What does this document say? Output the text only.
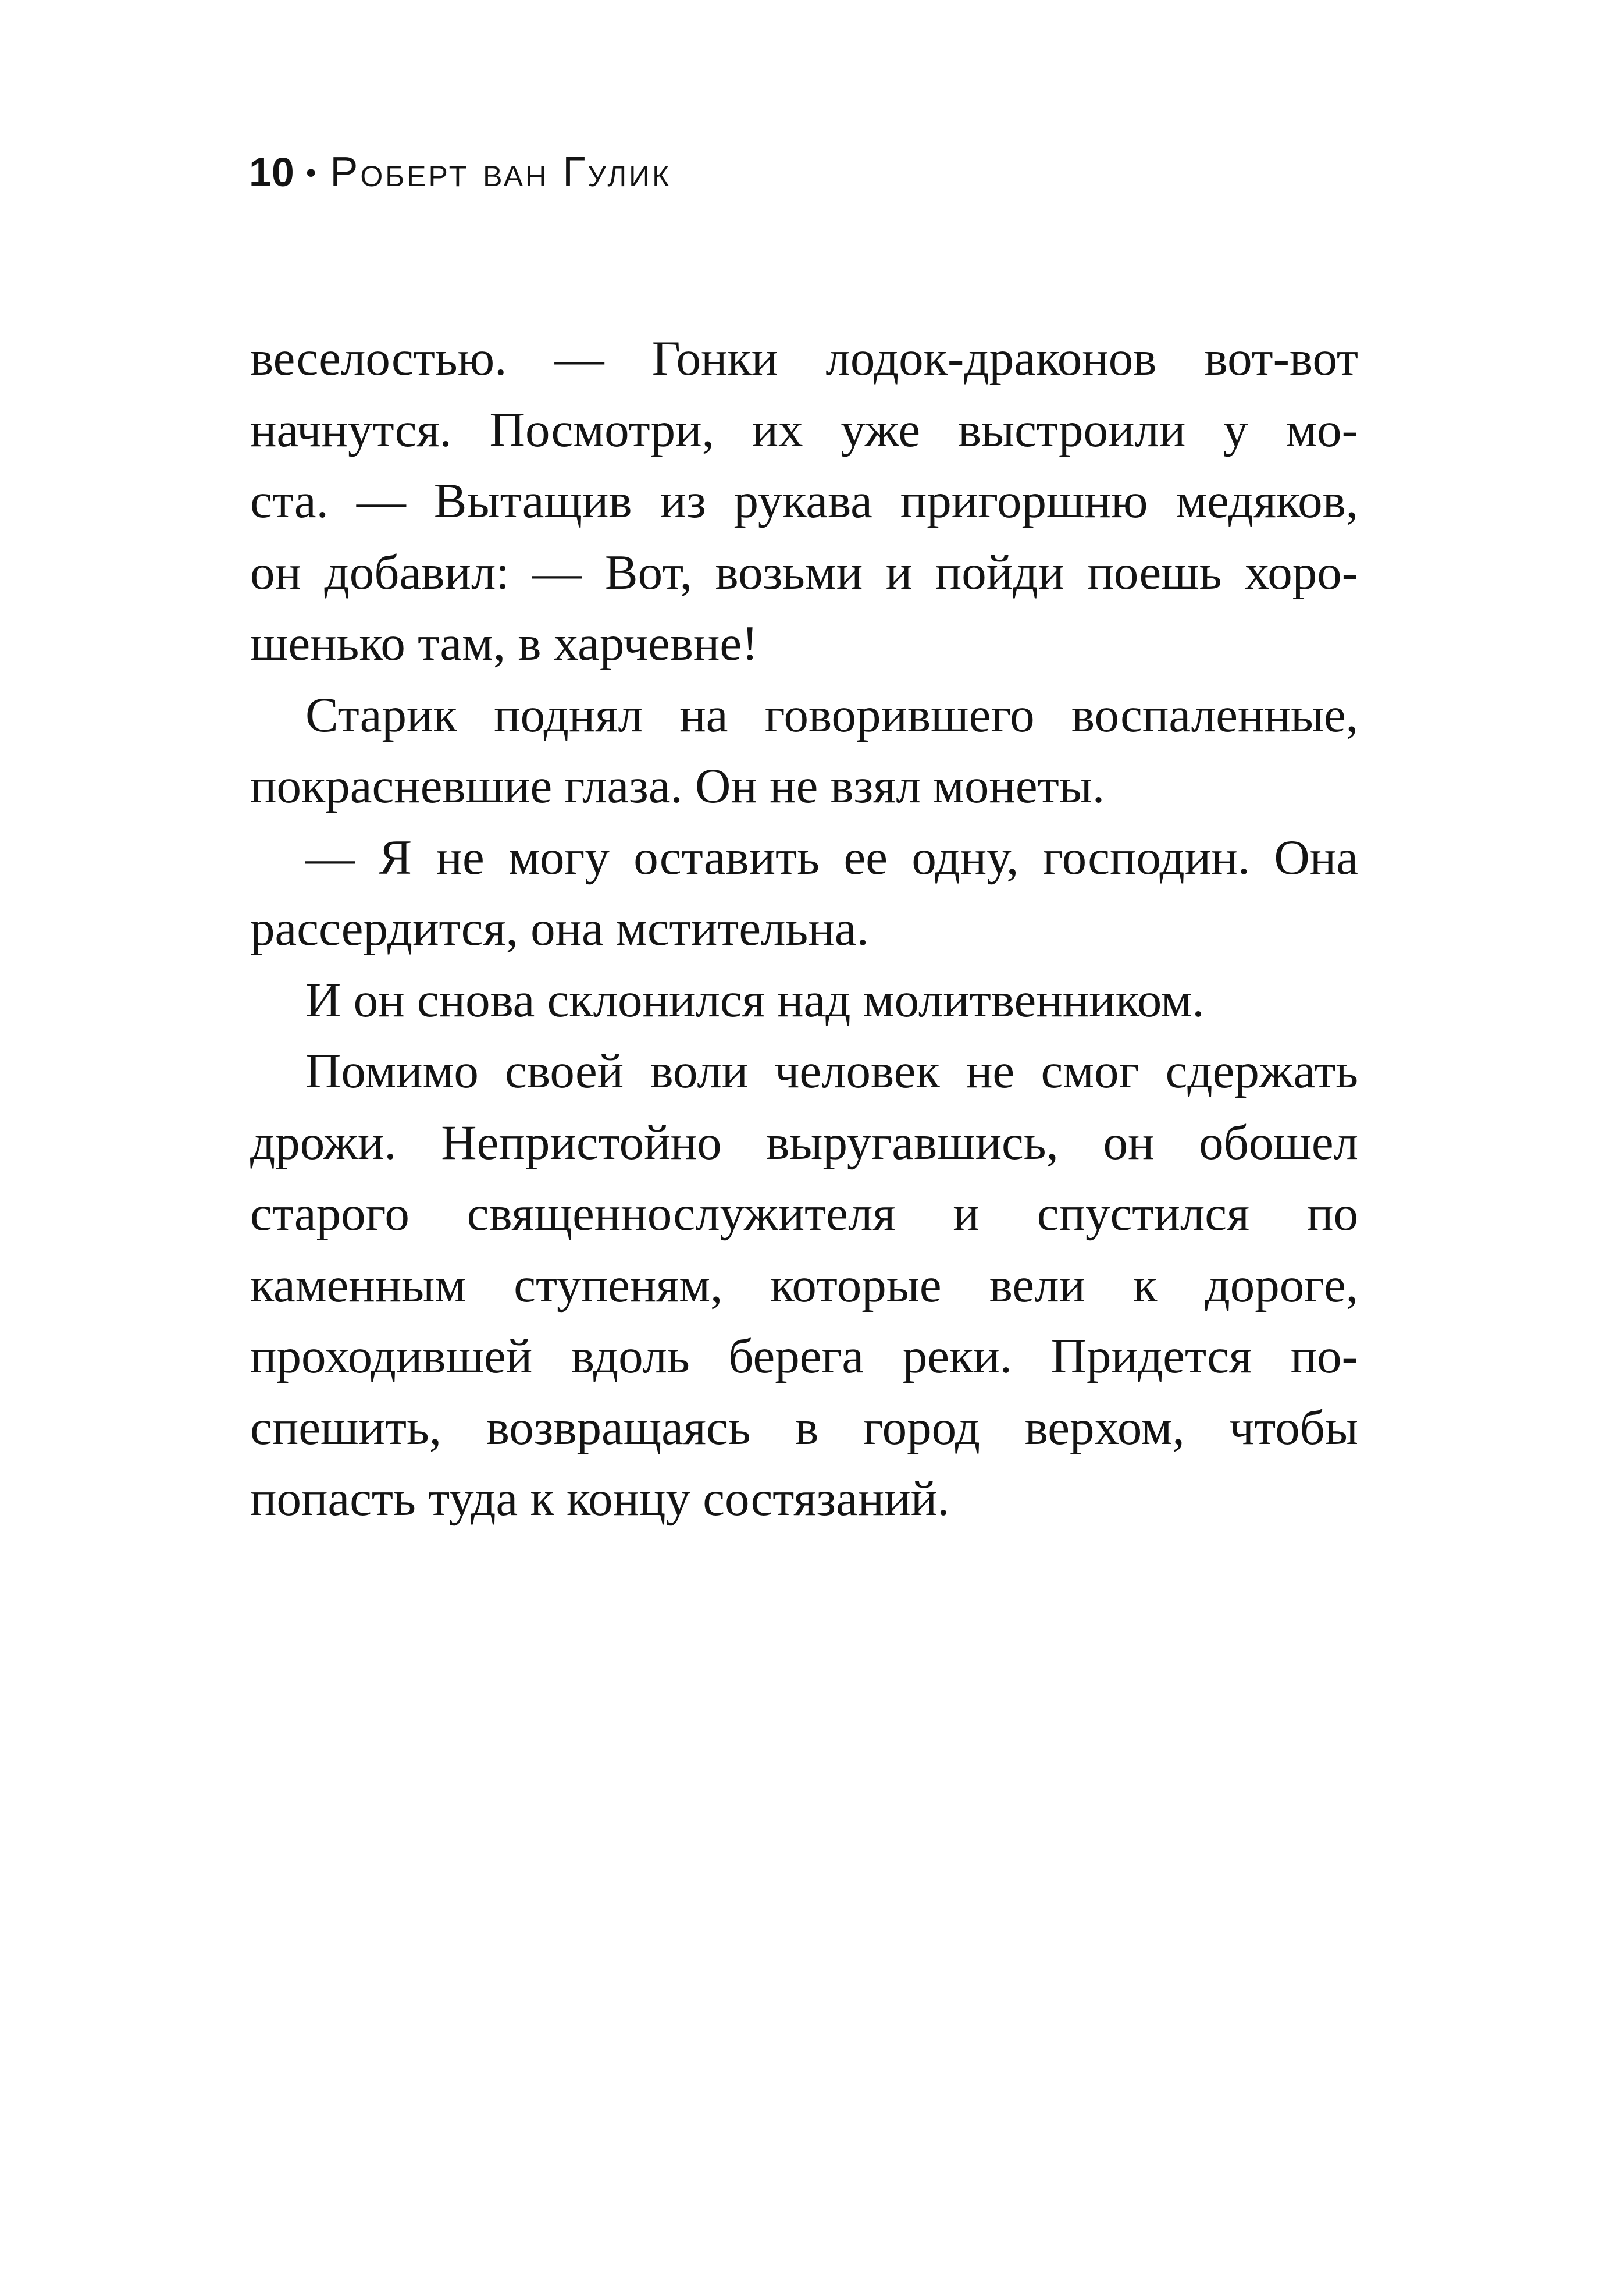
10 • Роберт ван Гулик

веселостью. — Гонки лодок-драконов вот-вот
начнутся. Посмотри, их уже выстроили у мо-
ста. — Вытащив из рукава пригоршню медяков,
он добавил: — Вот, возьми и пойди поешь хоро-
шенько там, в харчевне!

Старик поднял на говорившего воспаленные,
покрасневшие глаза. Он не взял монеты.

— Я не могу оставить ее одну, господин. Она
рассердится, она мстительна.

И он снова склонился над молитвенником.

Помимо своей воли человек не смог сдержать
дрожи. Непристойно выругавшись, он обошел
старого священнослужителя и спустился по
каменным ступеням, которые вели к дороге,
проходившей вдоль берега реки. Придется по-
спешить, возвращаясь в город верхом, чтобы
попасть туда к концу состязаний.
